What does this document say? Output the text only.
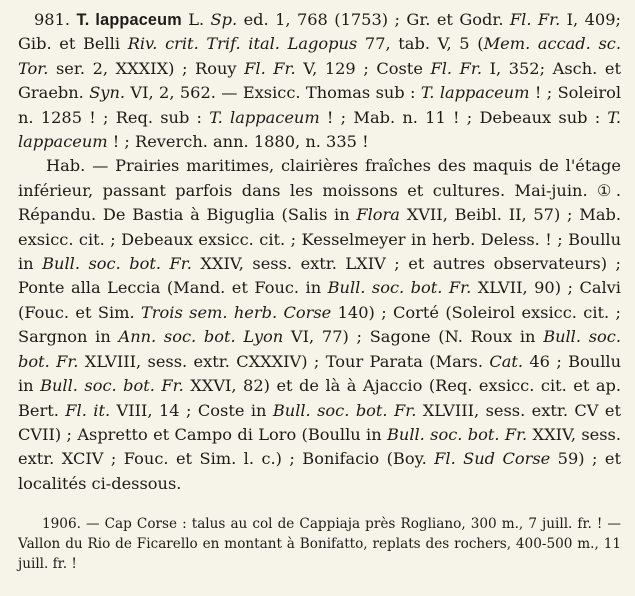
981. T. lappaceum L. Sp. ed. 1, 768 (1753) ; Gr. et Godr. Fl. Fr. I, 409; Gib. et Belli Riv. crit. Trif. ital. Lagopus 77, tab. V, 5 (Mem. accad. sc. Tor. ser. 2, XXXIX) ; Rouy Fl. Fr. V, 129 ; Coste Fl. Fr. I, 352; Asch. et Graebn. Syn. VI, 2, 562. — Exsicc. Thomas sub : T. lappaceum ! ; Soleirol n. 1285 ! ; Req. sub : T. lappaceum ! ; Mab. n. 11 ! ; Debeaux sub : T. lappaceum ! ; Reverch. ann. 1880, n. 335 !

Hab. — Prairies maritimes, clairières fraîches des maquis de l'étage inférieur, passant parfois dans les moissons et cultures. Mai-juin. ①. Répandu. De Bastia à Biguglia (Salis in Flora XVII, Beibl. II, 57) ; Mab. exsicc. cit. ; Debeaux exsicc. cit. ; Kesselmeyer in herb. Deless. ! ; Boullu in Bull. soc. bot. Fr. XXIV, sess. extr. LXIV ; et autres observateurs) ; Ponte alla Leccia (Mand. et Fouc. in Bull. soc. bot. Fr. XLVII, 90) ; Calvi (Fouc. et Sim. Trois sem. herb. Corse 140) ; Corté (Soleirol exsicc. cit. ; Sargnon in Ann. soc. bot. Lyon VI, 77) ; Sagone (N. Roux in Bull. soc. bot. Fr. XLVIII, sess. extr. CXXXIV) ; Tour Parata (Mars. Cat. 46 ; Boullu in Bull. soc. bot. Fr. XXVI, 82) et de là à Ajaccio (Req. exsicc. cit. et ap. Bert. Fl. it. VIII, 14 ; Coste in Bull. soc. bot. Fr. XLVIII, sess. extr. CV et CVII) ; Aspretto et Campo di Loro (Boullu in Bull. soc. bot. Fr. XXIV, sess. extr. XCIV ; Fouc. et Sim. l. c.) ; Bonifacio (Boy. Fl. Sud Corse 59) ; et localités ci-dessous.

1906. — Cap Corse : talus au col de Cappiaja près Rogliano, 300 m., 7 juill. fr. ! — Vallon du Rio de Ficarello en montant à Bonifatto, replats des rochers, 400-500 m., 11 juill. fr. !
